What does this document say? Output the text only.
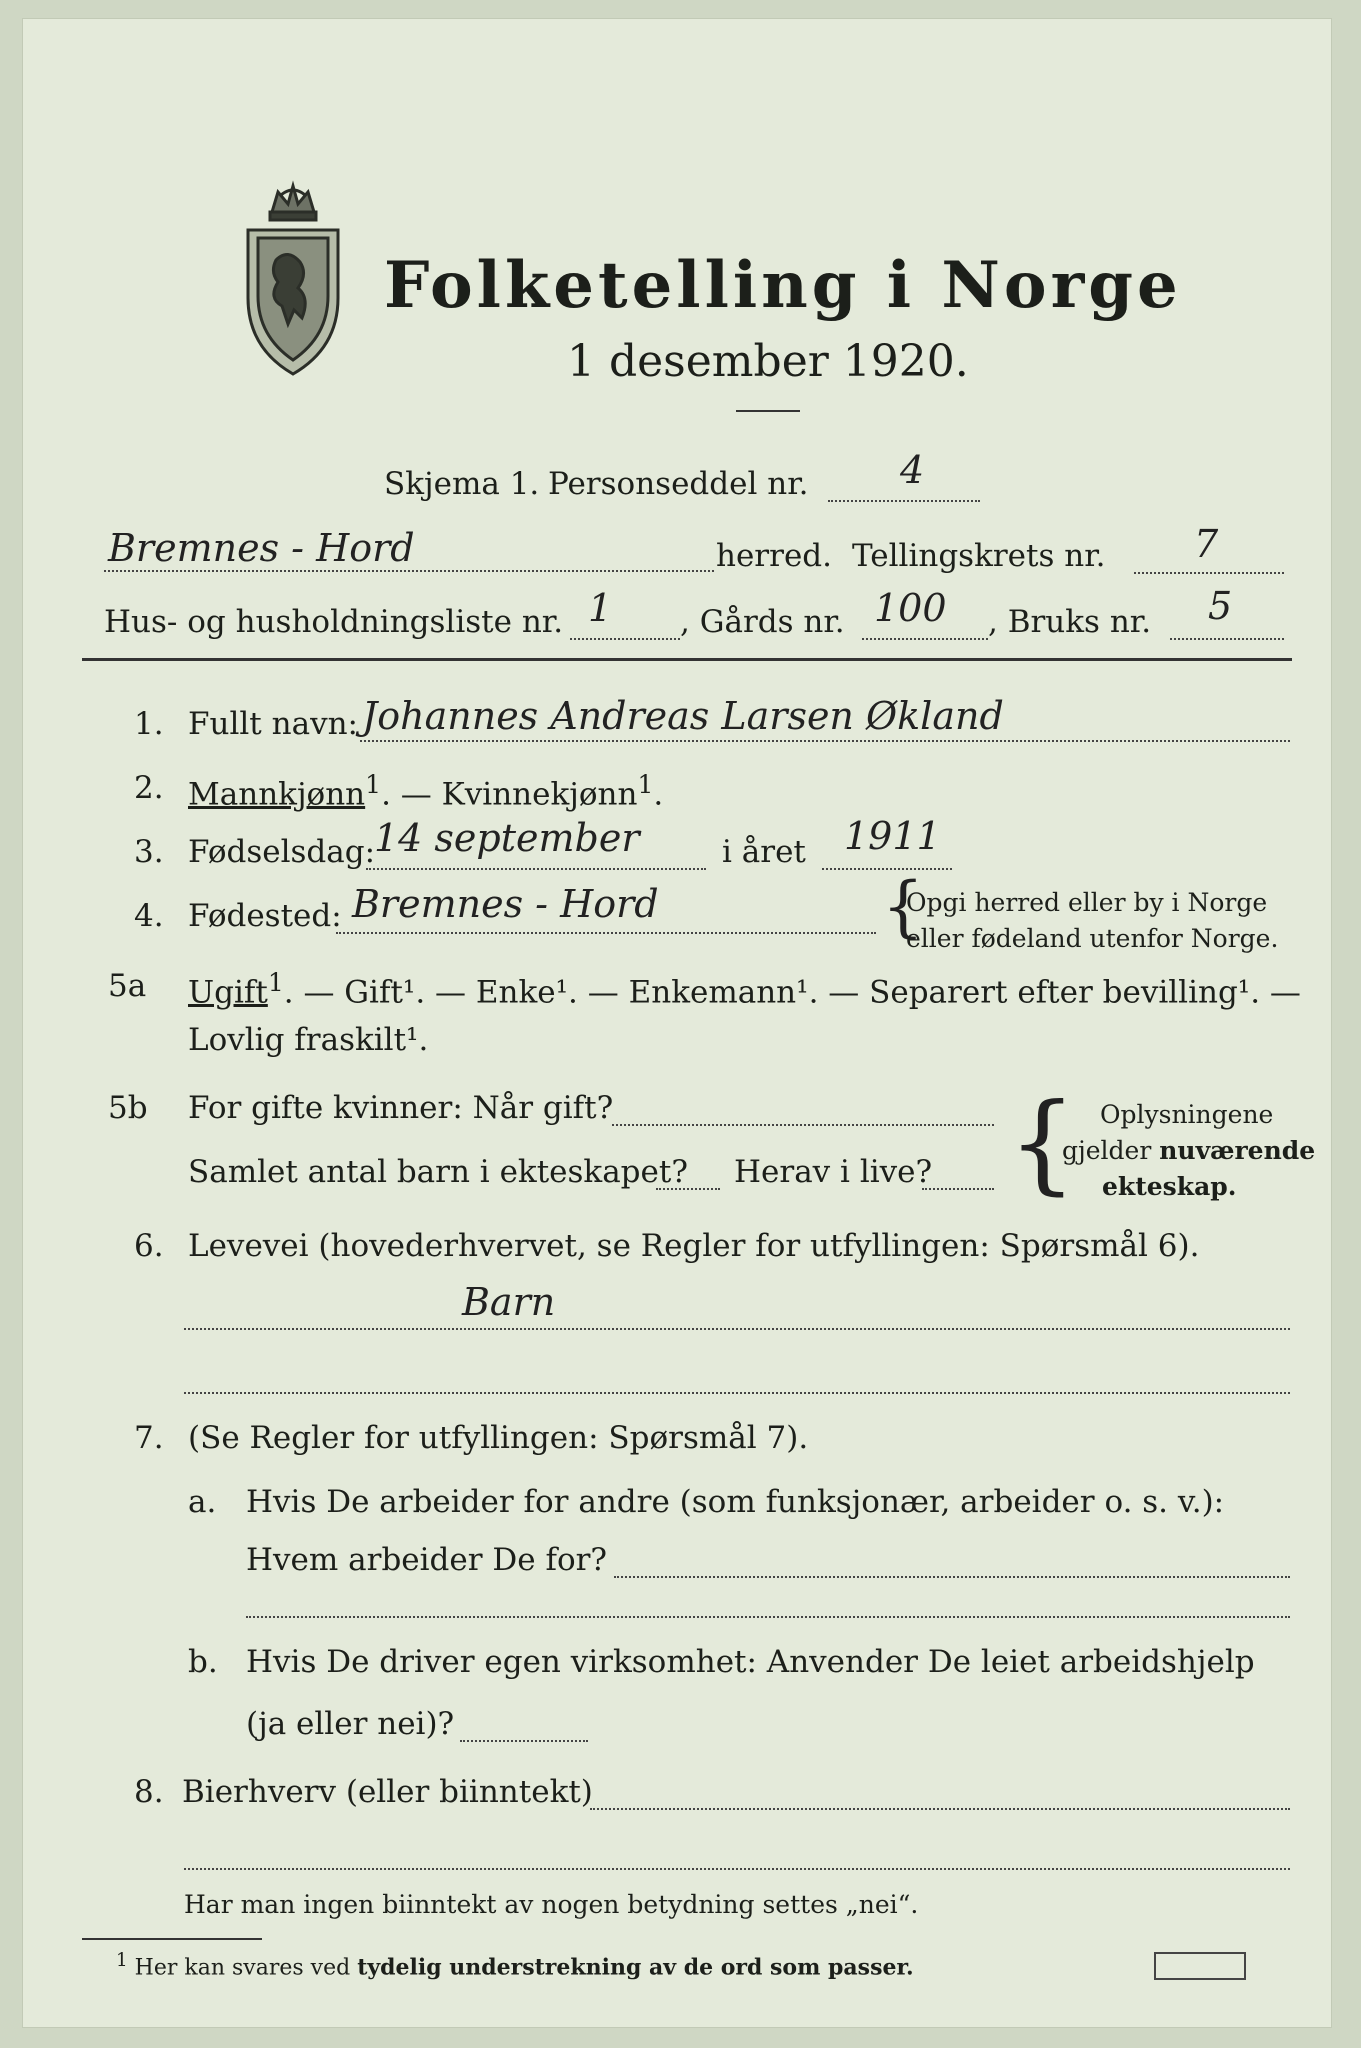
Folketelling i Norge
1 desember 1920.
Skjema 1. Personseddel nr. 4
Bremnes - Hord	herred. Tellingskrets nr. 7
Hus- og husholdningsliste nr. 1 , Gårds nr. 100 , Bruks nr. 5
1. Fullt navn: Johannes Andreas Larsen Økland
2. Mannkjønn$^1$. — Kvinnekjønn$^1$.
3. Fødselsdag:
14 september	i året 1911
4. Fødested: Bremnes - Hord	{
Opgi herred eller by i Norge
eller fødeland utenfor Norge.
5a Ugift$^1$. — Gift¹. — Enke¹. — Enkemann¹. — Separert efter bevilling¹. —
Lovlig fraskilt¹.
5b For gifte kvinner: Når gift?
Samlet antal barn i ekteskapet? Herav i live? { Oplysningene
gjelder nuværende
ekteskap.
6. Levevei (hovederhvervet, se Regler for utfyllingen: Spørsmål 6).
Barn
7. (Se Regler for utfyllingen: Spørsmål 7).
a. Hvis De arbeider for andre (som funksjonær, arbeider o. s. v.):
Hvem arbeider De for?
b. Hvis De driver egen virksomhet: Anvender De leiet arbeidshjelp
(ja eller nei)?
8. Bierhverv (eller biinntekt)
Har man ingen biinntekt av nogen betydning settes „nei“.
$^1$ Her kan svares ved tydelig understrekning av de ord som passer.
